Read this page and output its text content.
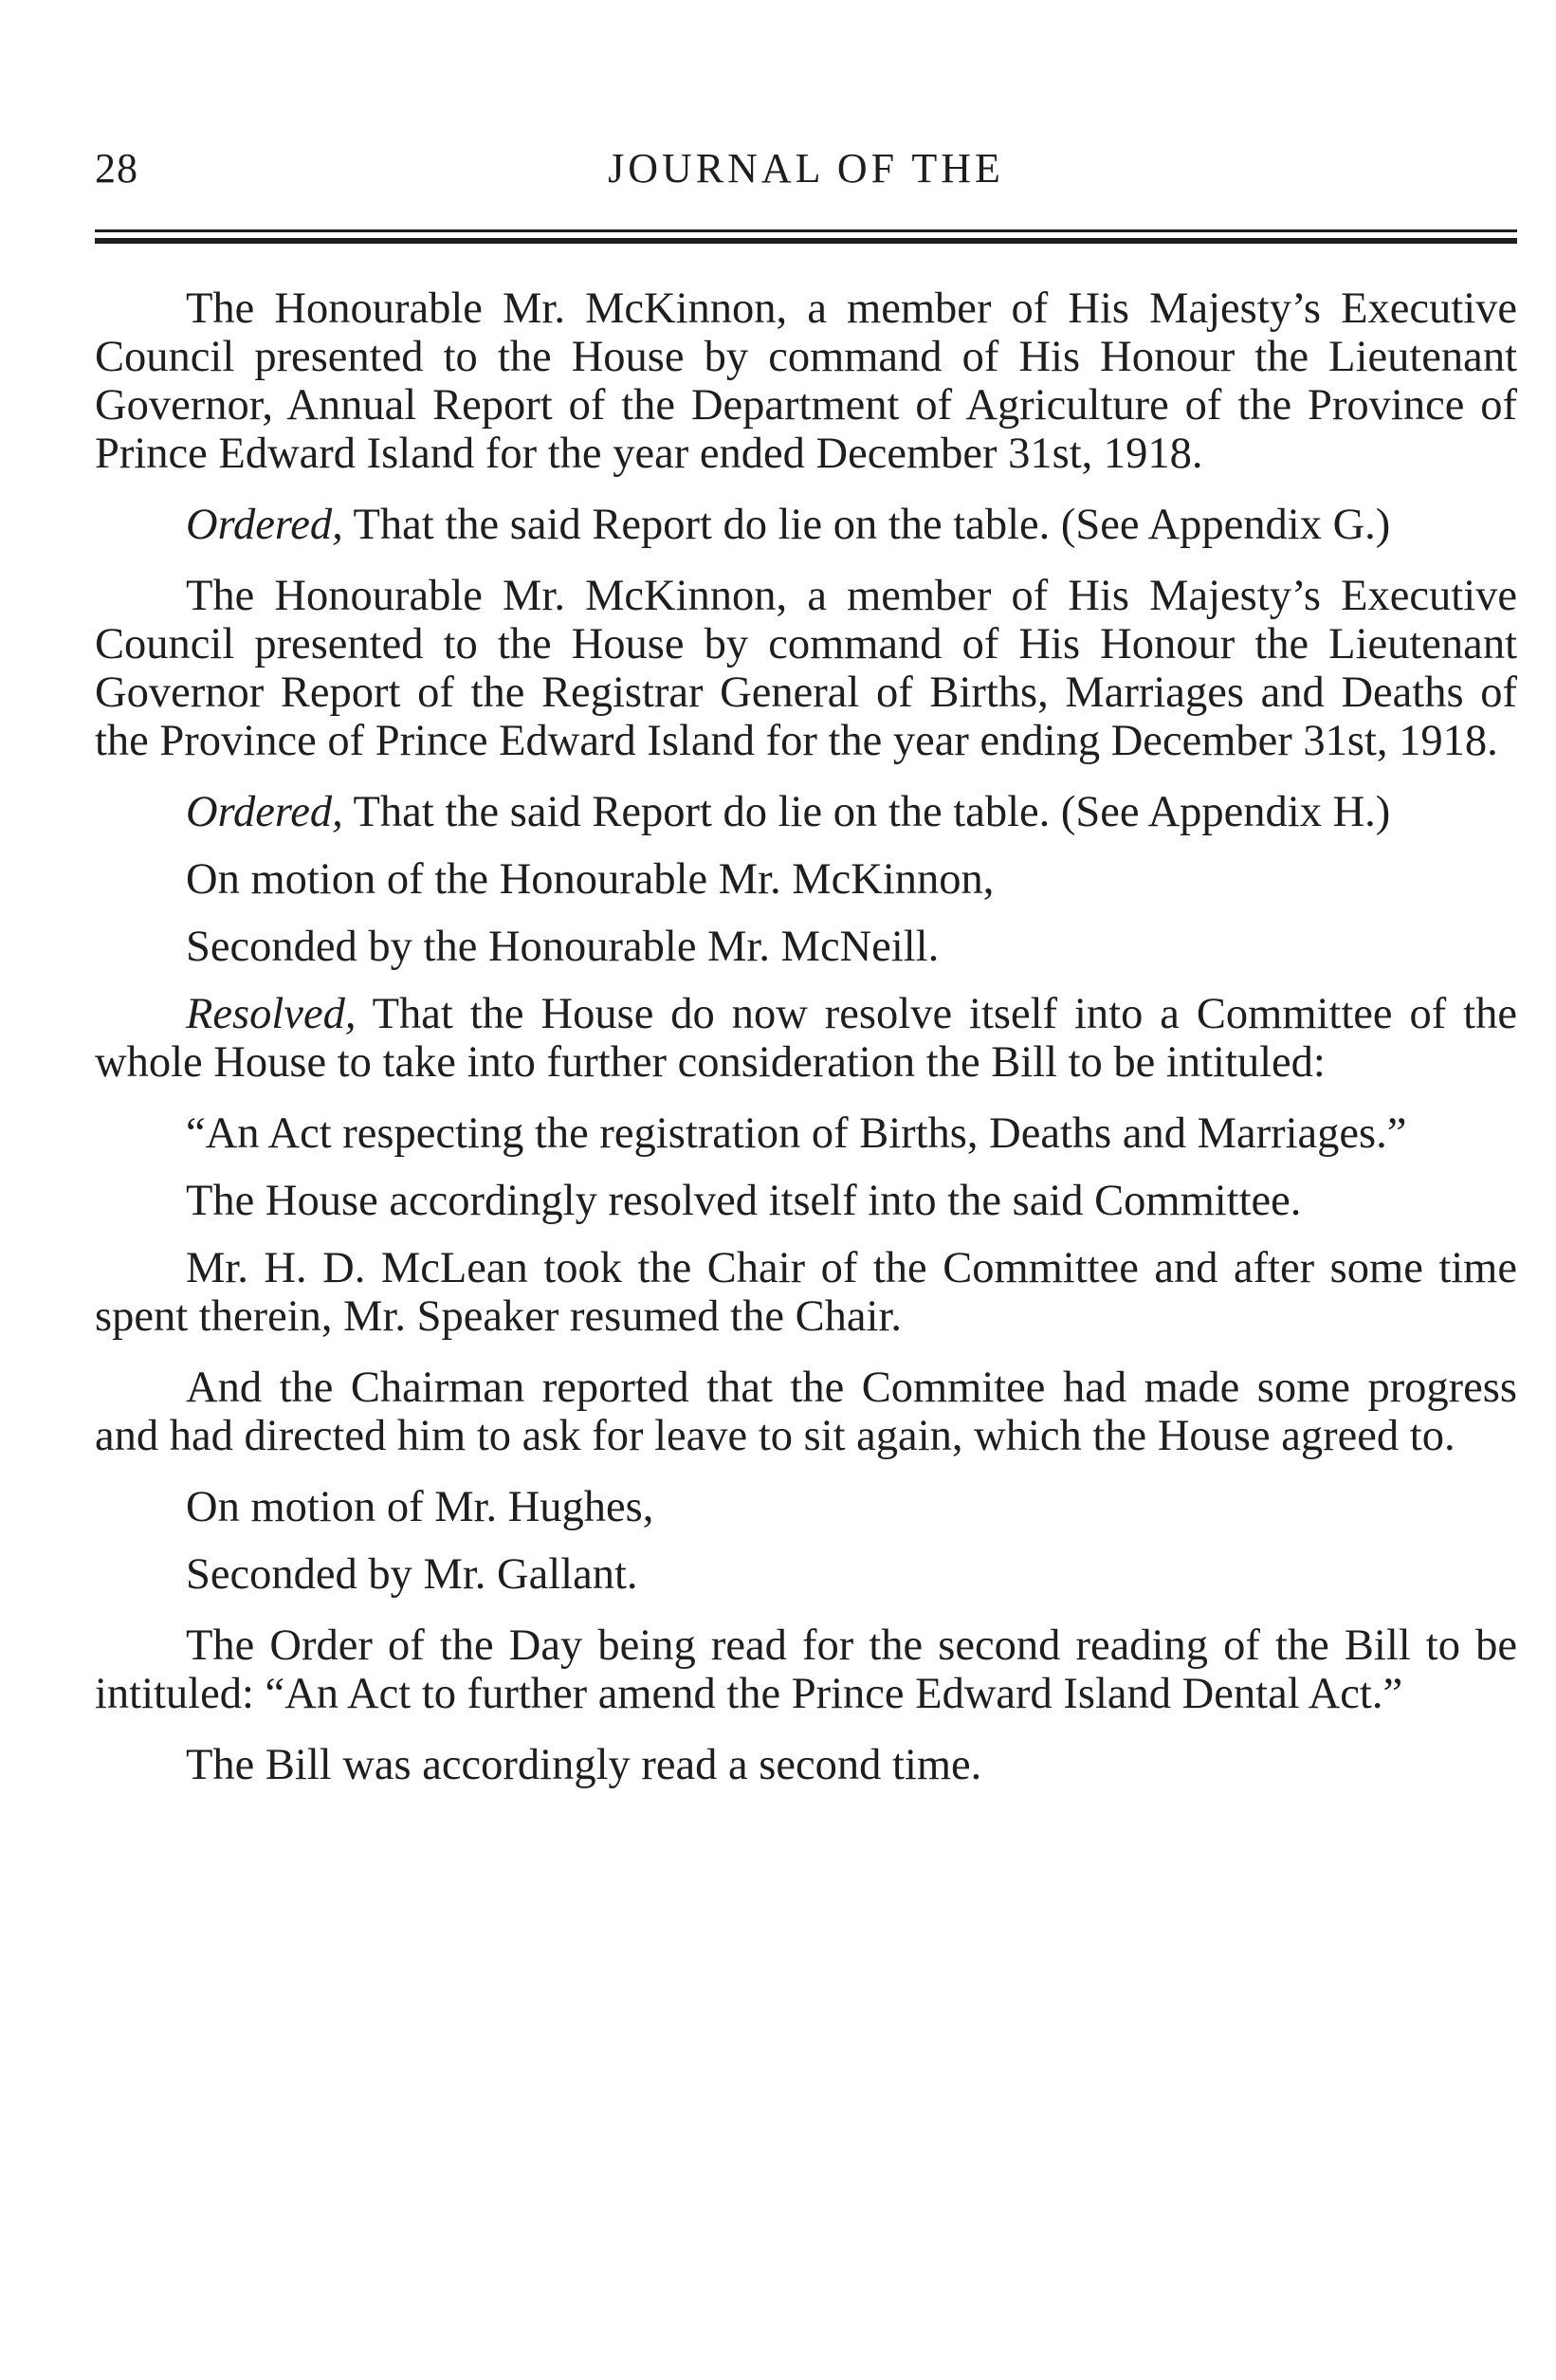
28	JOURNAL OF THE

The Honourable Mr. McKinnon, a member of His Majesty’s Executive Council presented to the House by command of His Honour the Lieutenant Governor, Annual Report of the Department of Agriculture of the Province of Prince Edward Island for the year ended December 31st, 1918.

Ordered, That the said Report do lie on the table. (See Appendix G.)

The Honourable Mr. McKinnon, a member of His Majesty’s Executive Council presented to the House by command of His Honour the Lieutenant Governor Report of the Registrar General of Births, Marriages and Deaths of the Province of Prince Edward Island for the year ending December 31st, 1918.

Ordered, That the said Report do lie on the table. (See Appendix H.)

On motion of the Honourable Mr. McKinnon,

Seconded by the Honourable Mr. McNeill.

Resolved, That the House do now resolve itself into a Committee of the whole House to take into further consideration the Bill to be intituled:

“An Act respecting the registration of Births, Deaths and Marriages.”

The House accordingly resolved itself into the said Committee.

Mr. H. D. McLean took the Chair of the Committee and after some time spent therein, Mr. Speaker resumed the Chair.

And the Chairman reported that the Commitee had made some progress and had directed him to ask for leave to sit again, which the House agreed to.

On motion of Mr. Hughes,

Seconded by Mr. Gallant.

The Order of the Day being read for the second reading of the Bill to be intituled: “An Act to further amend the Prince Edward Island Dental Act.”

The Bill was accordingly read a second time.
